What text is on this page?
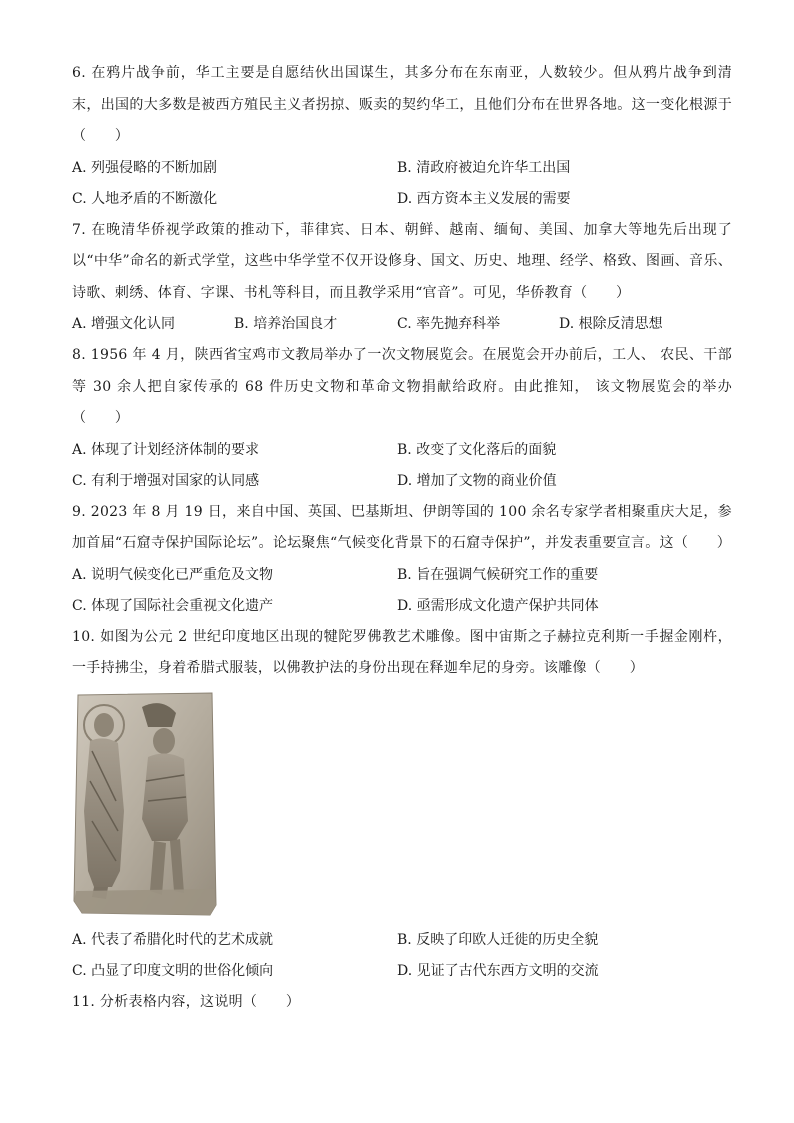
6. 在鸦片战争前，华工主要是自愿结伙出国谋生，其多分布在东南亚，人数较少。但从鸦片战争到清末，出国的大多数是被西方殖民主义者拐掠、贩卖的契约华工，且他们分布在世界各地。这一变化根源于（　　）

A. 列强侵略的不断加剧	B. 清政府被迫允许华工出国
C. 人地矛盾的不断激化	D. 西方资本主义发展的需要

7. 在晚清华侨视学政策的推动下，菲律宾、日本、朝鲜、越南、缅甸、美国、加拿大等地先后出现了以“中华”命名的新式学堂，这些中华学堂不仅开设修身、国文、历史、地理、经学、格致、图画、音乐、诗歌、刺绣、体育、字课、书札等科目，而且教学采用“官音”。可见，华侨教育（　　）

A. 增强文化认同	B. 培养治国良才	C. 率先抛弃科举	D. 根除反清思想

8. 1956 年 4 月，陕西省宝鸡市文教局举办了一次文物展览会。在展览会开办前后，工人、 农民、干部等 30 余人把自家传承的 68 件历史文物和革命文物捐献给政府。由此推知， 该文物展览会的举办（　　）

A. 体现了计划经济体制的要求	B. 改变了文化落后的面貌
C. 有利于增强对国家的认同感	D. 增加了文物的商业价值

9. 2023 年 8 月 19 日，来自中国、英国、巴基斯坦、伊朗等国的 100 余名专家学者相聚重庆大足，参加首届“石窟寺保护国际论坛”。论坛聚焦“气候变化背景下的石窟寺保护”，并发表重要宣言。这（　　）

A. 说明气候变化已严重危及文物	B. 旨在强调气候研究工作的重要
C. 体现了国际社会重视文化遗产	D. 亟需形成文化遗产保护共同体

10. 如图为公元 2 世纪印度地区出现的犍陀罗佛教艺术雕像。图中宙斯之子赫拉克利斯一手握金刚杵，一手持拂尘，身着希腊式服装，以佛教护法的身份出现在释迦牟尼的身旁。该雕像（　　）

A. 代表了希腊化时代的艺术成就	B. 反映了印欧人迁徙的历史全貌
C. 凸显了印度文明的世俗化倾向	D. 见证了古代东西方文明的交流

11. 分析表格内容，这说明（　　）
